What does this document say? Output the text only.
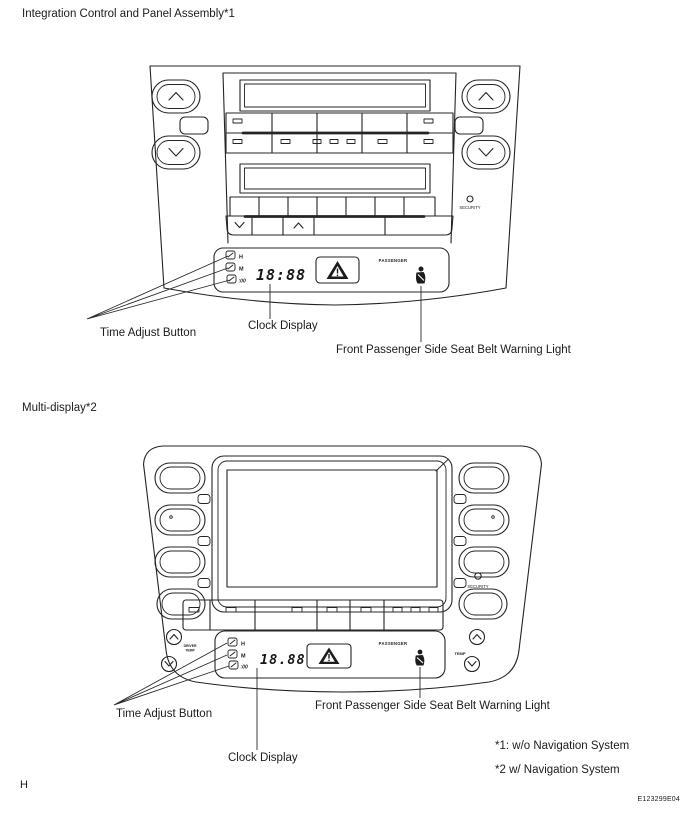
Integration Control and Panel Assembly*1
Multi-display*2
SECURITY
H
M
:00 18:88
PASSENGER
SECURITY
DRIVER
TEMP
TEMP
H
M
:00 18.88
PASSENGER
Time Adjust Button
Clock Display
Front Passenger Side Seat Belt Warning Light
Time Adjust Button
Clock Display
Front Passenger Side Seat Belt Warning Light
*1: w/o Navigation System
*2 w/ Navigation System
H
E123299E04
